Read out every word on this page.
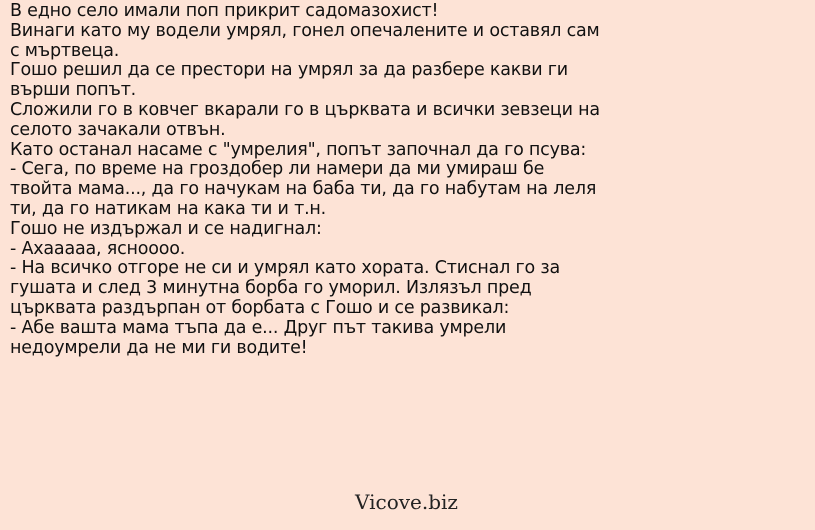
В едно село имали поп прикрит садомазохист!

Винаги като му водели умрял, гонел опечалените и оставял сам с мъртвеца.

Гошо решил да се престори на умрял за да разбере какви ги върши попът.

Сложили го в ковчег вкарали го в църквата и всички зевзеци на селото зачакали отвън.

Като останал насаме с "умрелия", попът започнал да го псува:

- Сега, по време на гроздобер ли намери да ми умираш бе твойта мама..., да го начукам на баба ти, да го набутам на леля ти, да го натикам на кака ти и т.н.

Гошо не издържал и се надигнал:

- Ахааааа, ясноооо.

- На всичко отгоре не си и умрял като хората. Стиснал го за гушата и след 3 минутна борба го уморил. Излязъл пред църквата раздърпан от борбата с Гошо и се развикал:

- Абе вашта мама тъпа да е... Друг път такива умрели недоумрели да не ми ги водите!

Vicove.biz
